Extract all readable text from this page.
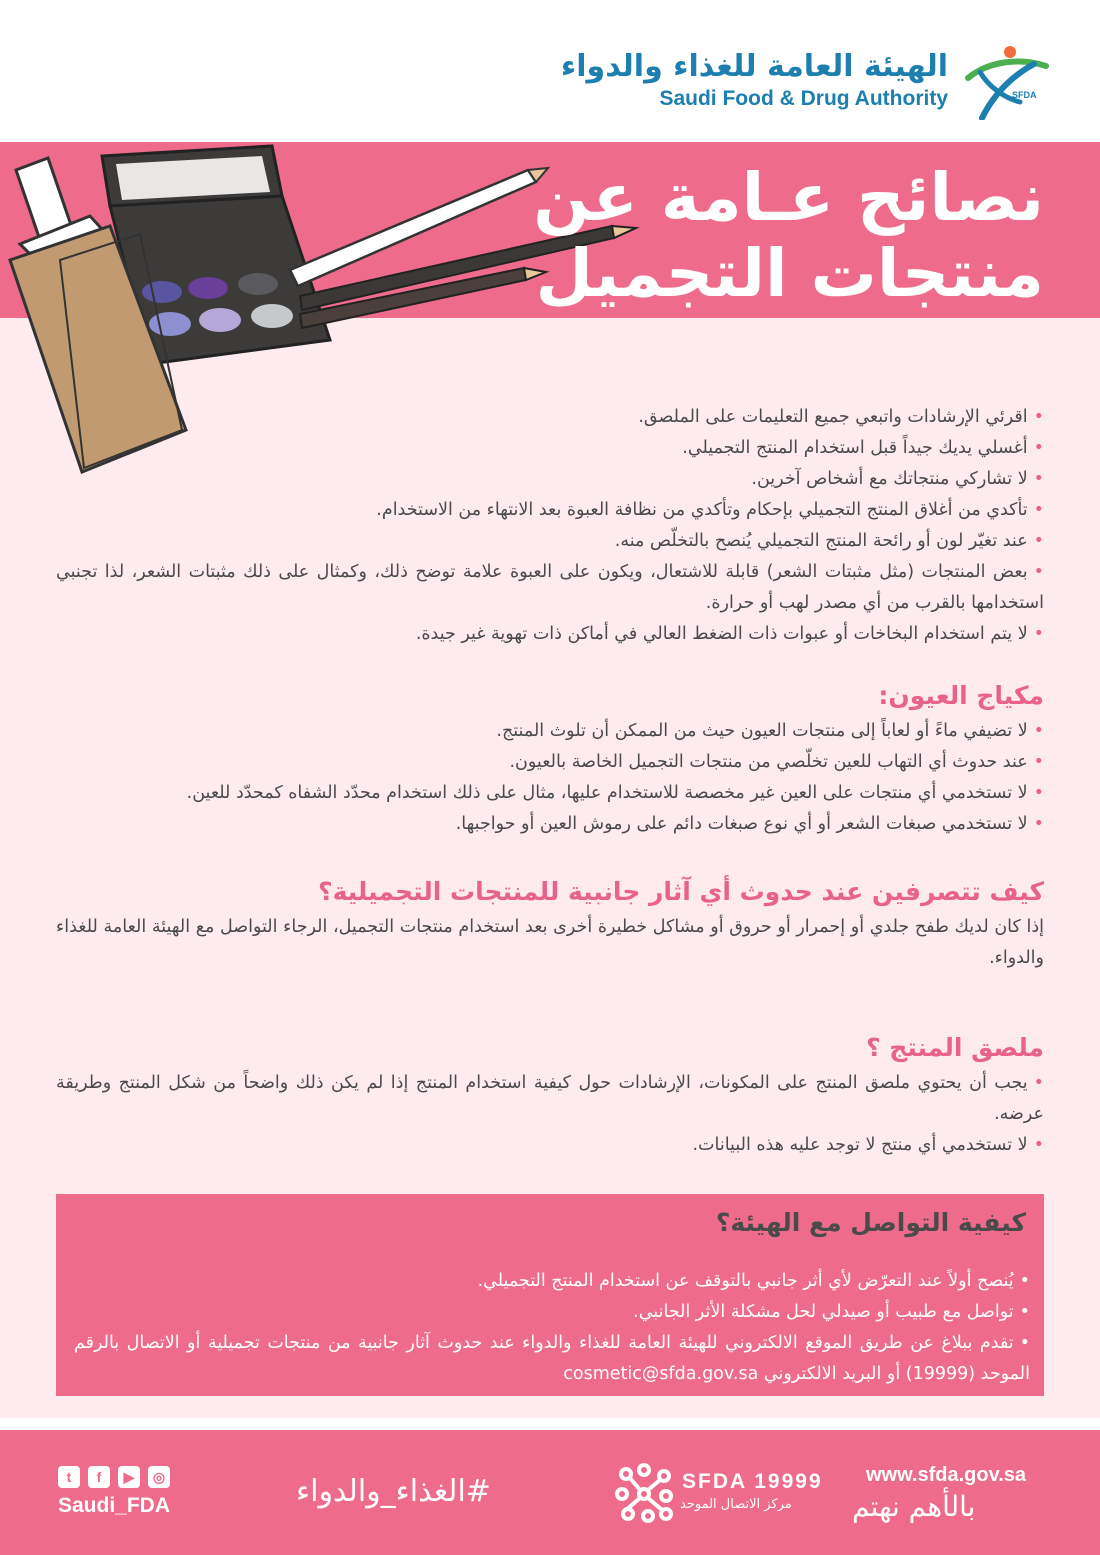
الهيئة العامة للغذاء والدواء
Saudi Food & Drug Authority	SFDA
نصائح عـامة عن
منتجات التجميل
• اقرئي الإرشادات واتبعي جميع التعليمات على الملصق.
• أغسلي يديك جيداً قبل استخدام المنتج التجميلي.
• لا تشاركي منتجاتك مع أشخاص آخرين.
• تأكدي من أغلاق المنتج التجميلي بإحكام وتأكدي من نظافة العبوة بعد الانتهاء من الاستخدام.
• عند تغيّر لون أو رائحة المنتج التجميلي يُنصح بالتخلّص منه.
• بعض المنتجات (مثل مثبتات الشعر) قابلة للاشتعال، ويكون على العبوة علامة توضح ذلك، وكمثال على ذلك مثبتات الشعر، لذا تجنبي استخدامها بالقرب من أي مصدر لهب أو حرارة.
• لا يتم استخدام البخاخات أو عبوات ذات الضغط العالي في أماكن ذات تهوية غير جيدة.
مكياج العيون:
• لا تضيفي ماءً أو لعاباً إلى منتجات العيون حيث من الممكن أن تلوث المنتج.
• عند حدوث أي التهاب للعين تخلّصي من منتجات التجميل الخاصة بالعيون.
• لا تستخدمي أي منتجات على العين غير مخصصة للاستخدام عليها، مثال على ذلك استخدام محدّد الشفاه كمحدّد للعين.
• لا تستخدمي صبغات الشعر أو أي نوع صبغات دائم على رموش العين أو حواجبها.
كيف تتصرفين عند حدوث أي آثار جانبية للمنتجات التجميلية؟

إذا كان لديك طفح جلدي أو إحمرار أو حروق أو مشاكل خطيرة أخرى بعد استخدام منتجات التجميل، الرجاء التواصل مع الهيئة العامة للغذاء والدواء.

ملصق المنتج ؟
• يجب أن يحتوي ملصق المنتج على المكونات، الإرشادات حول كيفية استخدام المنتج إذا لم يكن ذلك واضحاً من شكل المنتج وطريقة عرضه.
• لا تستخدمي أي منتج لا توجد عليه هذه البيانات.
كيفية التواصل مع الهيئة؟
• يُنصح أولاً عند التعرّض لأي أثر جانبي بالتوقف عن استخدام المنتج التجميلي.
• تواصل مع طبيب أو صيدلي لحل مشكلة الأثر الجانبي.
• تقدم ببلاغ عن طريق الموقع الالكتروني للهيئة العامة للغذاء والدواء عند حدوث آثار جانبية من منتجات تجميلية أو الاتصال بالرقم الموحد (19999) أو البريد الالكتروني cosmetic@sfda.gov.sa
t	f	▶	◎
Saudi_FDA	#الغذاء_والدواء	SFDA 19999
مركز الاتصال الموحد
www.sfda.gov.sa
بالأهم نهتم
